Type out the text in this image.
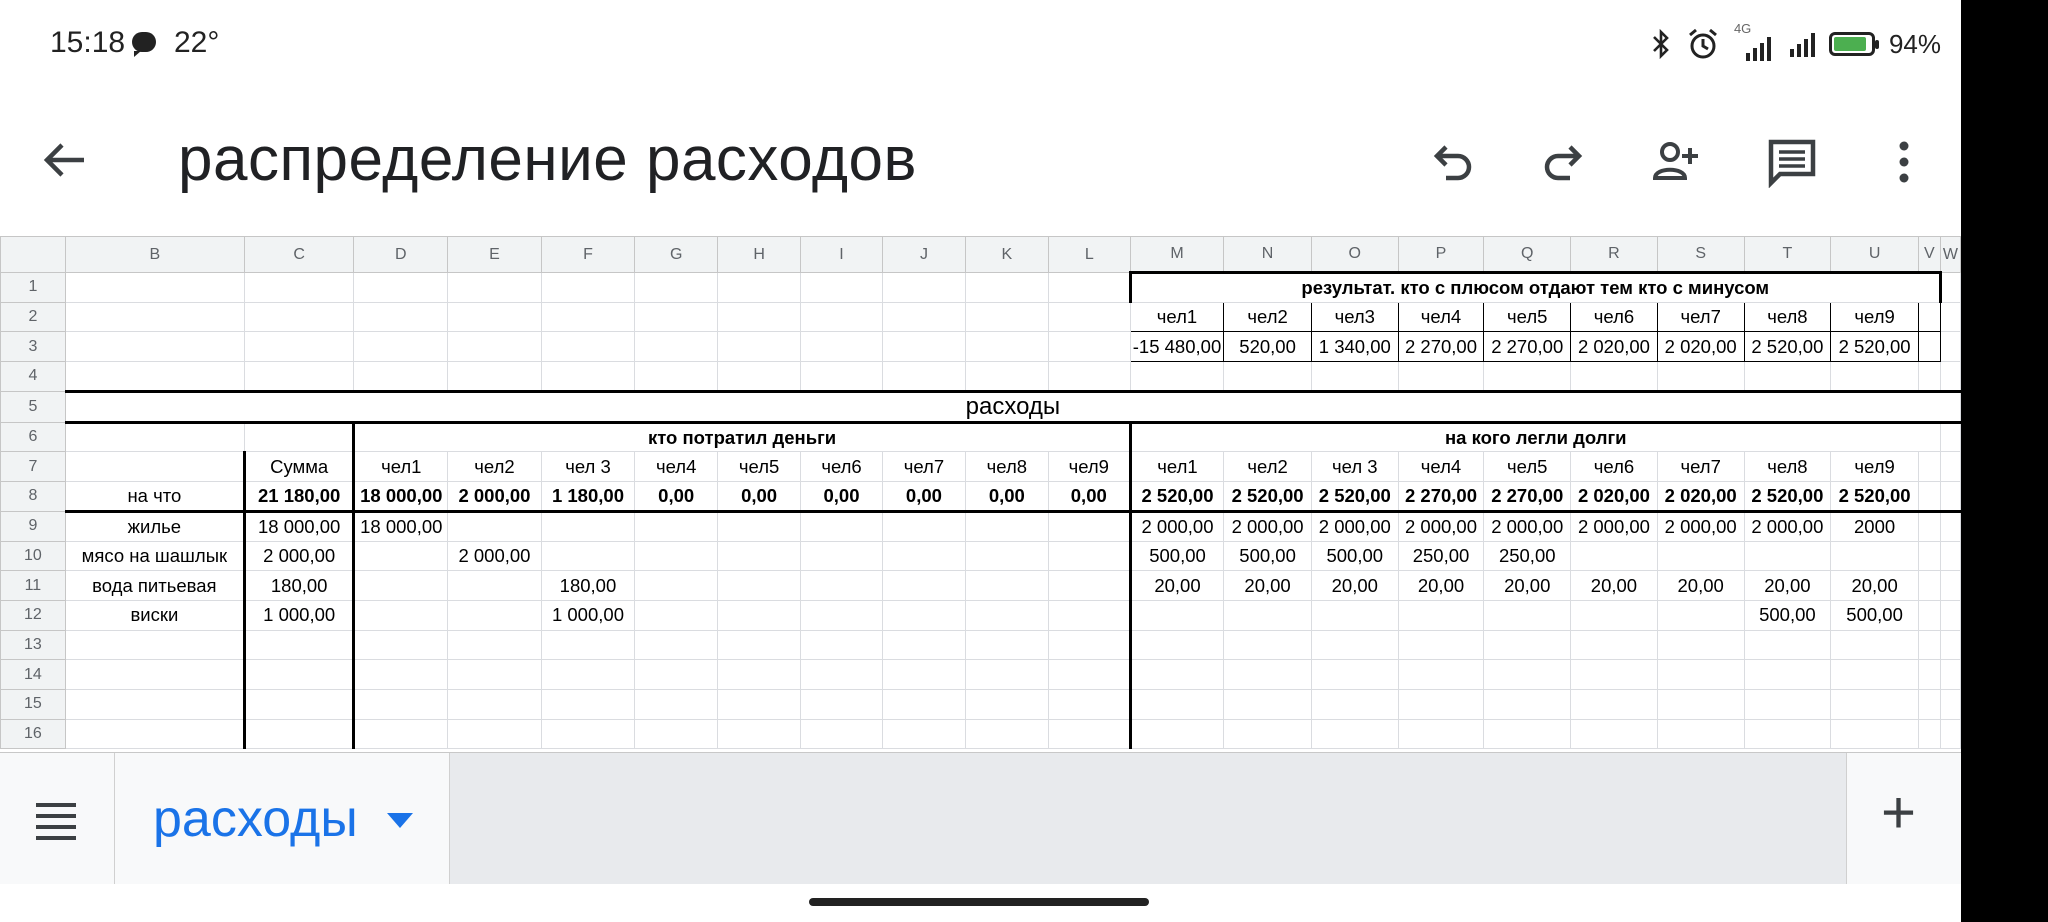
15:18 22°	4G	94%
распределение расходов
	B	C	D	E	F	G	H	I	J	K	L	M	N	O	P	Q	R	S	T	U	V	W
1												результат. кто с плюсом отдают тем кто с минусом										
2												чел1	чел2	чел3	чел4	чел5	чел6	чел7	чел8	чел9		
3												-15 480,00	520,00	1 340,00	2 270,00	2 270,00	2 020,00	2 020,00	2 520,00	2 520,00		
4																						
5	расходы																					
6			кто потратил деньги									на кого легли долги										
7		Сумма	чел1	чел2	чел 3	чел4	чел5	чел6	чел7	чел8	чел9	чел1	чел2	чел 3	чел4	чел5	чел6	чел7	чел8	чел9		
8	на что	21 180,00	18 000,00	2 000,00	1 180,00	0,00	0,00	0,00	0,00	0,00	0,00	2 520,00	2 520,00	2 520,00	2 270,00	2 270,00	2 020,00	2 020,00	2 520,00	2 520,00		
9	жилье	18 000,00	18 000,00									2 000,00	2 000,00	2 000,00	2 000,00	2 000,00	2 000,00	2 000,00	2 000,00	2000		
10	мясо на шашлык	2 000,00		2 000,00								500,00	500,00	500,00	250,00	250,00						
11	вода питьевая	180,00			180,00							20,00	20,00	20,00	20,00	20,00	20,00	20,00	20,00	20,00		
12	виски	1 000,00			1 000,00														500,00	500,00		
13																						
14																						
15																						
16																						
расходы	+
